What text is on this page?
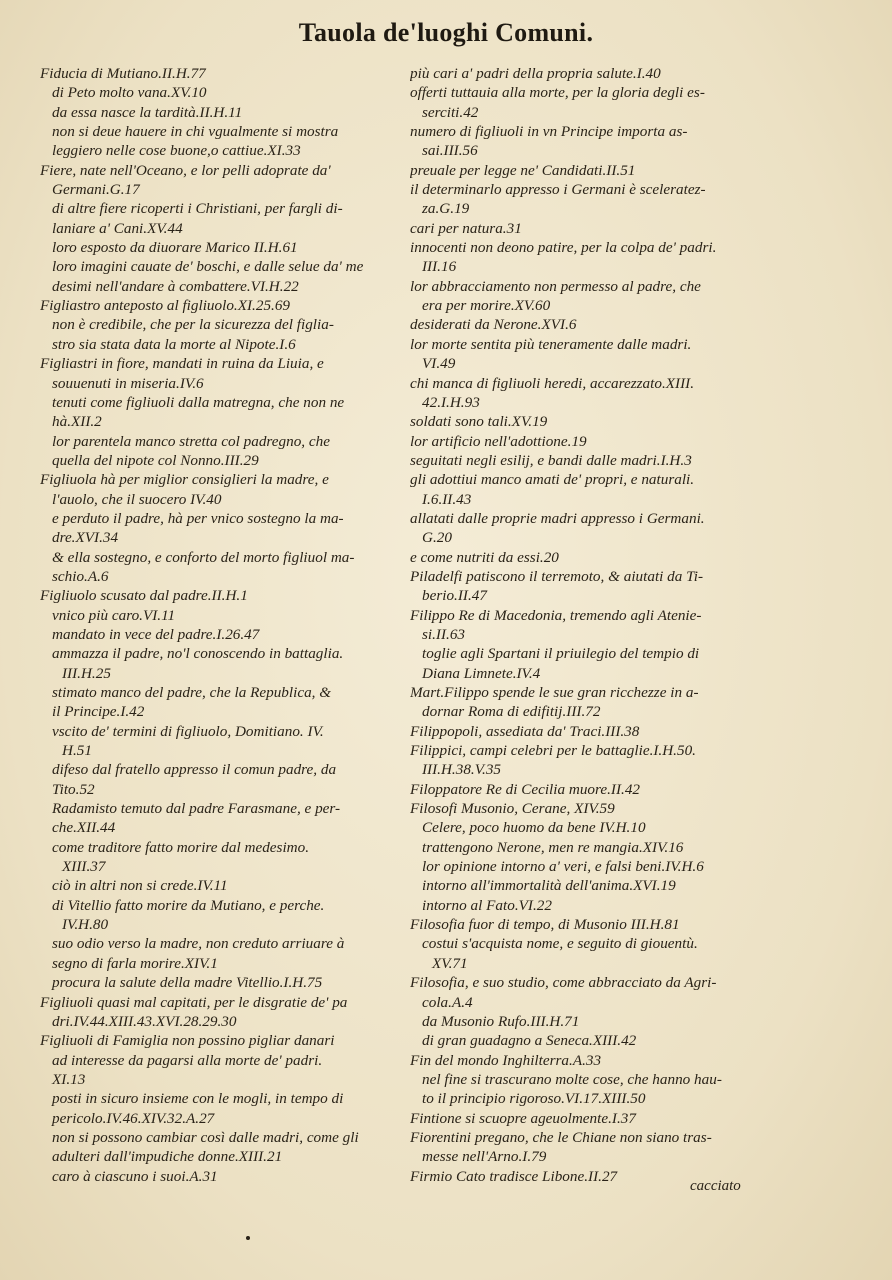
Tauola de'luoghi Comuni.
Fiducia di Mutiano.II.H.77
di Peto molto vana.XV.10
da essa nasce la tardità.II.H.11
non si deue hauere in chi vgualmente si mostra
leggiero nelle cose buone,o cattiue.XI.33
Fiere, nate nell'Oceano, e lor pelli adoprate da'
Germani.G.17
di altre fiere ricoperti i Christiani, per fargli di-
laniare a' Cani.XV.44
loro esposto da diuorare Marico II.H.61
loro imagini cauate de' boschi, e dalle selue da' me
desimi nell'andare à combattere.VI.H.22
Figliastro anteposto al figliuolo.XI.25.69
non è credibile, che per la sicurezza del figlia-
stro sia stata data la morte al Nipote.I.6
Figliastri in fiore, mandati in ruina da Liuia, e
souuenuti in miseria.IV.6
tenuti come figliuoli dalla matregna, che non ne
hà.XII.2
lor parentela manco stretta col padregno, che
quella del nipote col Nonno.III.29
Figliuola hà per miglior consiglieri la madre, e
l'auolo, che il suocero IV.40
e perduto il padre, hà per vnico sostegno la ma-
dre.XVI.34
& ella sostegno, e conforto del morto figliuol ma-
schio.A.6
Figliuolo scusato dal padre.II.H.1
vnico più caro.VI.11
mandato in vece del padre.I.26.47
ammazza il padre, no'l conoscendo in battaglia.
III.H.25
stimato manco del padre, che la Republica, &
il Principe.I.42
vscito de' termini di figliuolo, Domitiano. IV.
H.51
difeso dal fratello appresso il comun padre, da
Tito.52
Radamisto temuto dal padre Farasmane, e per-
che.XII.44
come traditore fatto morire dal medesimo.
XIII.37
ciò in altri non si crede.IV.11
di Vitellio fatto morire da Mutiano, e perche.
IV.H.80
suo odio verso la madre, non creduto arriuare à
segno di farla morire.XIV.1
procura la salute della madre Vitellio.I.H.75
Figliuoli quasi mal capitati, per le disgratie de' pa
dri.IV.44.XIII.43.XVI.28.29.30
Figliuoli di Famiglia non possino pigliar danari
ad interesse da pagarsi alla morte de' padri.
XI.13
posti in sicuro insieme con le mogli, in tempo di
pericolo.IV.46.XIV.32.A.27
non si possono cambiar così dalle madri, come gli
adulteri dall'impudiche donne.XIII.21
caro à ciascuno i suoi.A.31
più cari a' padri della propria salute.I.40
offerti tuttauia alla morte, per la gloria degli es-
serciti.42
numero di figliuoli in vn Principe importa as-
sai.III.56
preuale per legge ne' Candidati.II.51
il determinarlo appresso i Germani è sceleratez-
za.G.19
cari per natura.31
innocenti non deono patire, per la colpa de' padri.
III.16
lor abbracciamento non permesso al padre, che
era per morire.XV.60
desiderati da Nerone.XVI.6
lor morte sentita più teneramente dalle madri.
VI.49
chi manca di figliuoli heredi, accarezzato.XIII.
42.I.H.93
soldati sono tali.XV.19
lor artificio nell'adottione.19
seguitati negli esilij, e bandi dalle madri.I.H.3
gli adottiui manco amati de' propri, e naturali.
I.6.II.43
allatati dalle proprie madri appresso i Germani.
G.20
e come nutriti da essi.20
Piladelfi patiscono il terremoto, & aiutati da Ti-
berio.II.47
Filippo Re di Macedonia, tremendo agli Atenie-
si.II.63
toglie agli Spartani il priuilegio del tempio di
Diana Limnete.IV.4
Mart.Filippo spende le sue gran ricchezze in a-
dornar Roma di edifitij.III.72
Filippopoli, assediata da' Traci.III.38
Filippici, campi celebri per le battaglie.I.H.50.
III.H.38.V.35
Filoppatore Re di Cecilia muore.II.42
Filosofi Musonio, Cerane, XIV.59
Celere, poco huomo da bene IV.H.10
trattengono Nerone, men re mangia.XIV.16
lor opinione intorno a' veri, e falsi beni.IV.H.6
intorno all'immortalità dell'anima.XVI.19
intorno al Fato.VI.22
Filosofia fuor di tempo, di Musonio III.H.81
costui s'acquista nome, e seguito di giouentù.
XV.71
Filosofia, e suo studio, come abbracciato da Agri-
cola.A.4
da Musonio Rufo.III.H.71
di gran guadagno a Seneca.XIII.42
Fin del mondo Inghilterra.A.33
nel fine si trascurano molte cose, che hanno hau-
to il principio rigoroso.VI.17.XIII.50
Fintione si scuopre ageuolmente.I.37
Fiorentini pregano, che le Chiane non siano tras-
messe nell'Arno.I.79
Firmio Cato tradisce Libone.II.27
cacciato
